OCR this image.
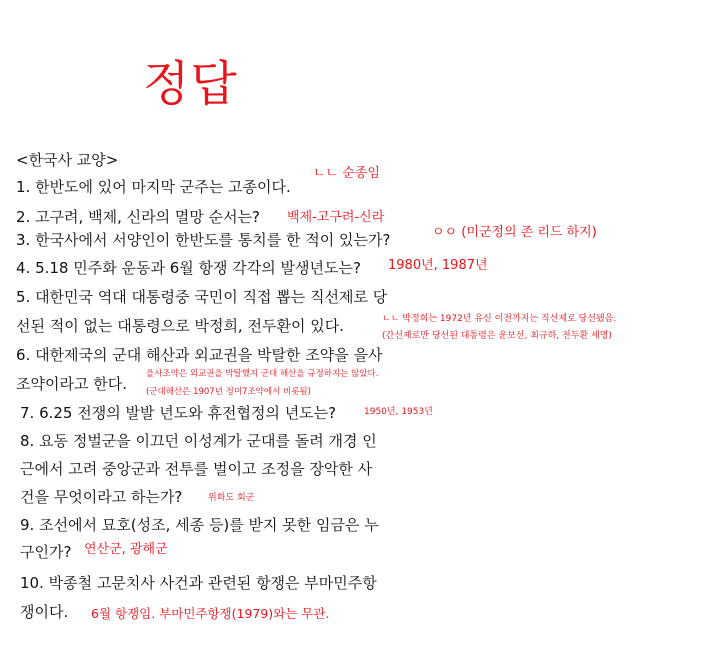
정답
<한국사 교양>
1. 한반도에 있어 마지막 군주는 고종이다.
ㄴㄴ 순종임
2. 고구려, 백제, 신라의 멸망 순서는? 백제-고구려-신라
3. 한국사에서 서양인이 한반도를 통치를 한 적이 있는가?	ㅇㅇ (미군정의 존 리드 하지)
4. 5.18 민주화 운동과 6월 항쟁 각각의 발생년도는? 1980년, 1987년
5. 대한민국 역대 대통령중 국민이 직접 뽑는 직선제로 당
선된 적이 없는 대통령으로 박정희, 전두환이 있다.	ㄴㄴ 박정희는 1972년 유신 이전까지는 직선제로 당선됐음.
(간선제로만 당선된 대통령은 윤보선, 최규하, 전두환 세명)
6. 대한제국의 군대 해산과 외교권을 박탈한 조약을 을사
조약이라고 한다.
을사조약은 외교권을 박탈했지 군대 해산을 규정하지는 않았다.
(군대해산은 1907년 정미7조약에서 비롯됨)
7. 6.25 전쟁의 발발 년도와 휴전협정의 년도는?	1950년, 1953년
8. 요동 정벌군을 이끄던 이성계가 군대를 돌려 개경 인
근에서 고려 중앙군과 전투를 벌이고 조정을 장악한 사
건을 무엇이라고 하는가?	위화도 회군
9. 조선에서 묘호(성조, 세종 등)를 받지 못한 임금은 누
구인가? 연산군, 광해군
10. 박종철 고문치사 사건과 관련된 항쟁은 부마민주항
쟁이다. 6월 항쟁임. 부마민주항쟁(1979)와는 무관.
